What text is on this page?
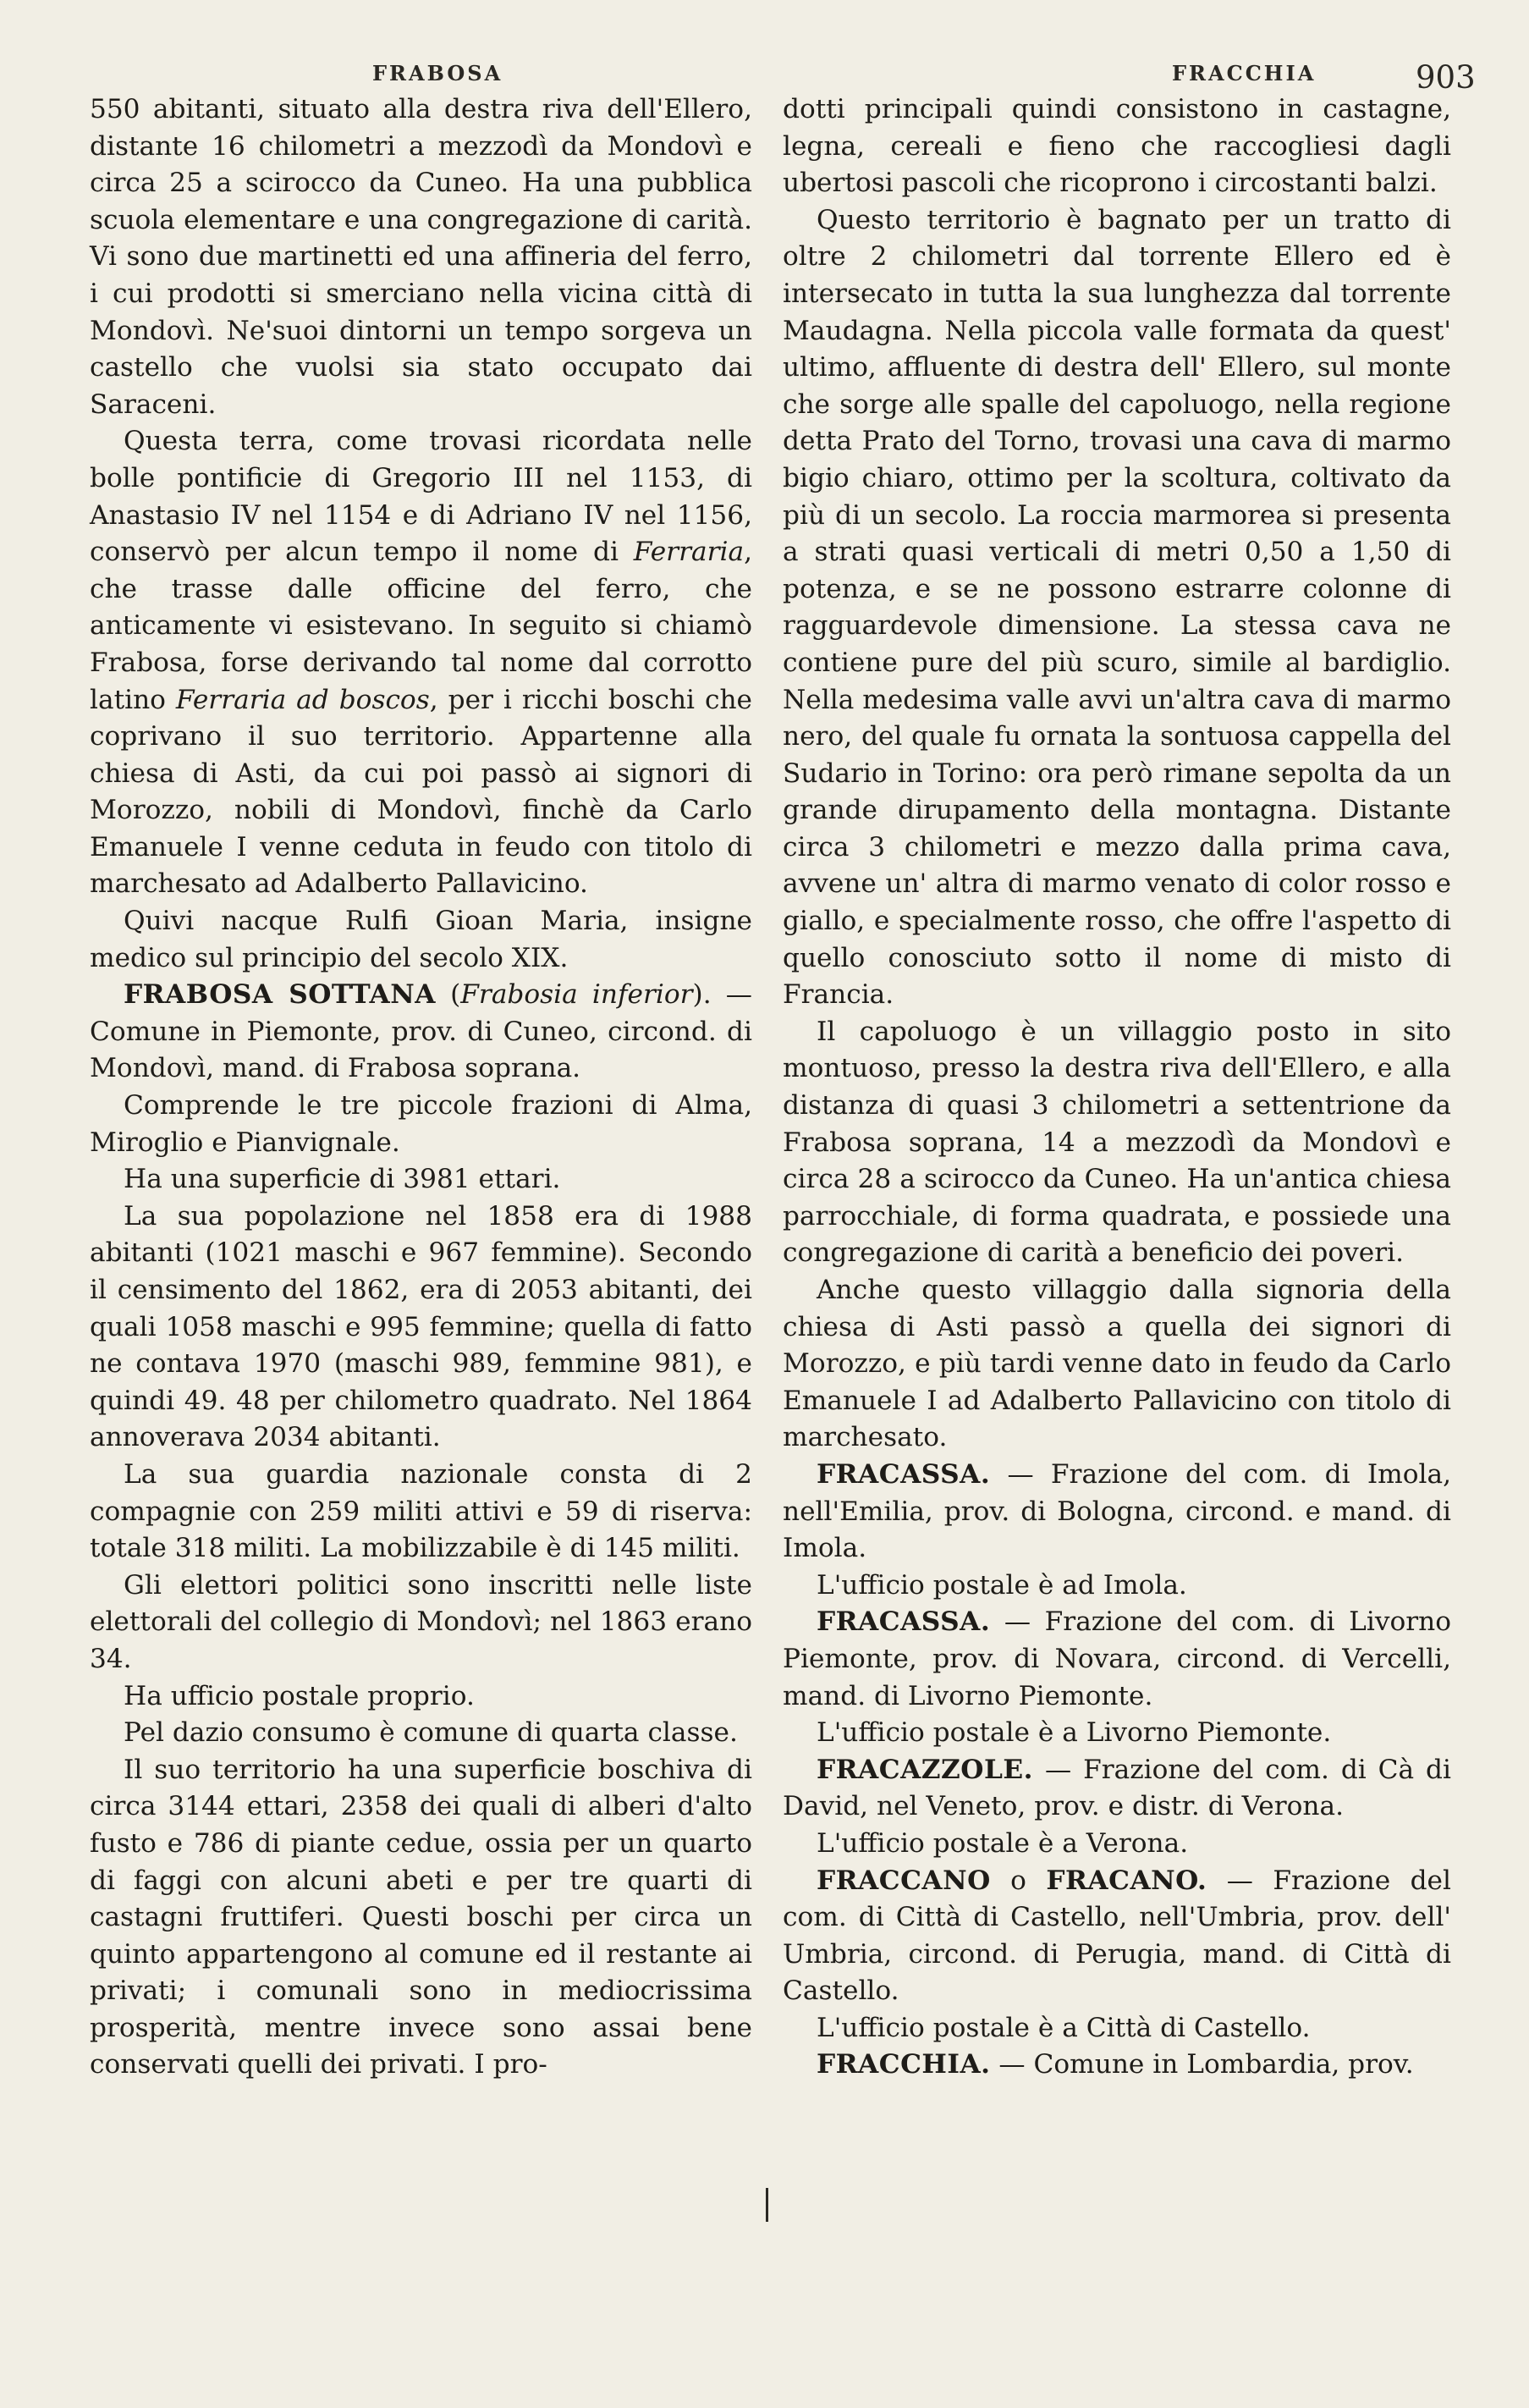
FRABOSA	FRACCHIA	903

550 abitanti, situato alla destra riva dell'Ellero, distante 16 chilometri a mezzodì da Mondovì e circa 25 a scirocco da Cuneo. Ha una pubblica scuola elementare e una congregazione di carità. Vi sono due martinetti ed una affineria del ferro, i cui prodotti si smerciano nella vicina città di Mondovì. Ne'suoi dintorni un tempo sorgeva un castello che vuolsi sia stato occupato dai Saraceni.

Questa terra, come trovasi ricordata nelle bolle pontificie di Gregorio III nel 1153, di Anastasio IV nel 1154 e di Adriano IV nel 1156, conservò per alcun tempo il nome di Ferraria, che trasse dalle officine del ferro, che anticamente vi esistevano. In seguito si chiamò Frabosa, forse derivando tal nome dal corrotto latino Ferraria ad boscos, per i ricchi boschi che coprivano il suo territorio. Appartenne alla chiesa di Asti, da cui poi passò ai signori di Morozzo, nobili di Mondovì, finchè da Carlo Emanuele I venne ceduta in feudo con titolo di marchesato ad Adalberto Pallavicino.

Quivi nacque Rulfi Gioan Maria, insigne medico sul principio del secolo XIX.

FRABOSA SOTTANA (Frabosia inferior). — Comune in Piemonte, prov. di Cuneo, circond. di Mondovì, mand. di Frabosa soprana.

Comprende le tre piccole frazioni di Alma, Miroglio e Pianvignale.

Ha una superficie di 3981 ettari.

La sua popolazione nel 1858 era di 1988 abitanti (1021 maschi e 967 femmine). Secondo il censimento del 1862, era di 2053 abitanti, dei quali 1058 maschi e 995 femmine; quella di fatto ne contava 1970 (maschi 989, femmine 981), e quindi 49. 48 per chilometro quadrato. Nel 1864 annoverava 2034 abitanti.

La sua guardia nazionale consta di 2 compagnie con 259 militi attivi e 59 di riserva: totale 318 militi. La mobilizzabile è di 145 militi.

Gli elettori politici sono inscritti nelle liste elettorali del collegio di Mondovì; nel 1863 erano 34.

Ha ufficio postale proprio.

Pel dazio consumo è comune di quarta classe.

Il suo territorio ha una superficie boschiva di circa 3144 ettari, 2358 dei quali di alberi d'alto fusto e 786 di piante cedue, ossia per un quarto di faggi con alcuni abeti e per tre quarti di castagni fruttiferi. Questi boschi per circa un quinto appartengono al comune ed il restante ai privati; i comunali sono in mediocrissima prosperità, mentre invece sono assai bene conservati quelli dei privati. I pro-

dotti principali quindi consistono in castagne, legna, cereali e fieno che raccogliesi dagli ubertosi pascoli che ricoprono i circostanti balzi.

Questo territorio è bagnato per un tratto di oltre 2 chilometri dal torrente Ellero ed è intersecato in tutta la sua lunghezza dal torrente Maudagna. Nella piccola valle formata da quest' ultimo, affluente di destra dell' Ellero, sul monte che sorge alle spalle del capoluogo, nella regione detta Prato del Torno, trovasi una cava di marmo bigio chiaro, ottimo per la scoltura, coltivato da più di un secolo. La roccia marmorea si presenta a strati quasi verticali di metri 0,50 a 1,50 di potenza, e se ne possono estrarre colonne di ragguardevole dimensione. La stessa cava ne contiene pure del più scuro, simile al bardiglio. Nella medesima valle avvi un'altra cava di marmo nero, del quale fu ornata la sontuosa cappella del Sudario in Torino: ora però rimane sepolta da un grande dirupamento della montagna. Distante circa 3 chilometri e mezzo dalla prima cava, avvene un' altra di marmo venato di color rosso e giallo, e specialmente rosso, che offre l'aspetto di quello conosciuto sotto il nome di misto di Francia.

Il capoluogo è un villaggio posto in sito montuoso, presso la destra riva dell'Ellero, e alla distanza di quasi 3 chilometri a settentrione da Frabosa soprana, 14 a mezzodì da Mondovì e circa 28 a scirocco da Cuneo. Ha un'antica chiesa parrocchiale, di forma quadrata, e possiede una congregazione di carità a beneficio dei poveri.

Anche questo villaggio dalla signoria della chiesa di Asti passò a quella dei signori di Morozzo, e più tardi venne dato in feudo da Carlo Emanuele I ad Adalberto Pallavicino con titolo di marchesato.

FRACASSA. — Frazione del com. di Imola, nell'Emilia, prov. di Bologna, circond. e mand. di Imola.

L'ufficio postale è ad Imola.

FRACASSA. — Frazione del com. di Livorno Piemonte, prov. di Novara, circond. di Vercelli, mand. di Livorno Piemonte.

L'ufficio postale è a Livorno Piemonte.

FRACAZZOLE. — Frazione del com. di Cà di David, nel Veneto, prov. e distr. di Verona.

L'ufficio postale è a Verona.

FRACCANO o FRACANO. — Frazione del com. di Città di Castello, nell'Umbria, prov. dell' Umbria, circond. di Perugia, mand. di Città di Castello.

L'ufficio postale è a Città di Castello.

FRACCHIA. — Comune in Lombardia, prov.
